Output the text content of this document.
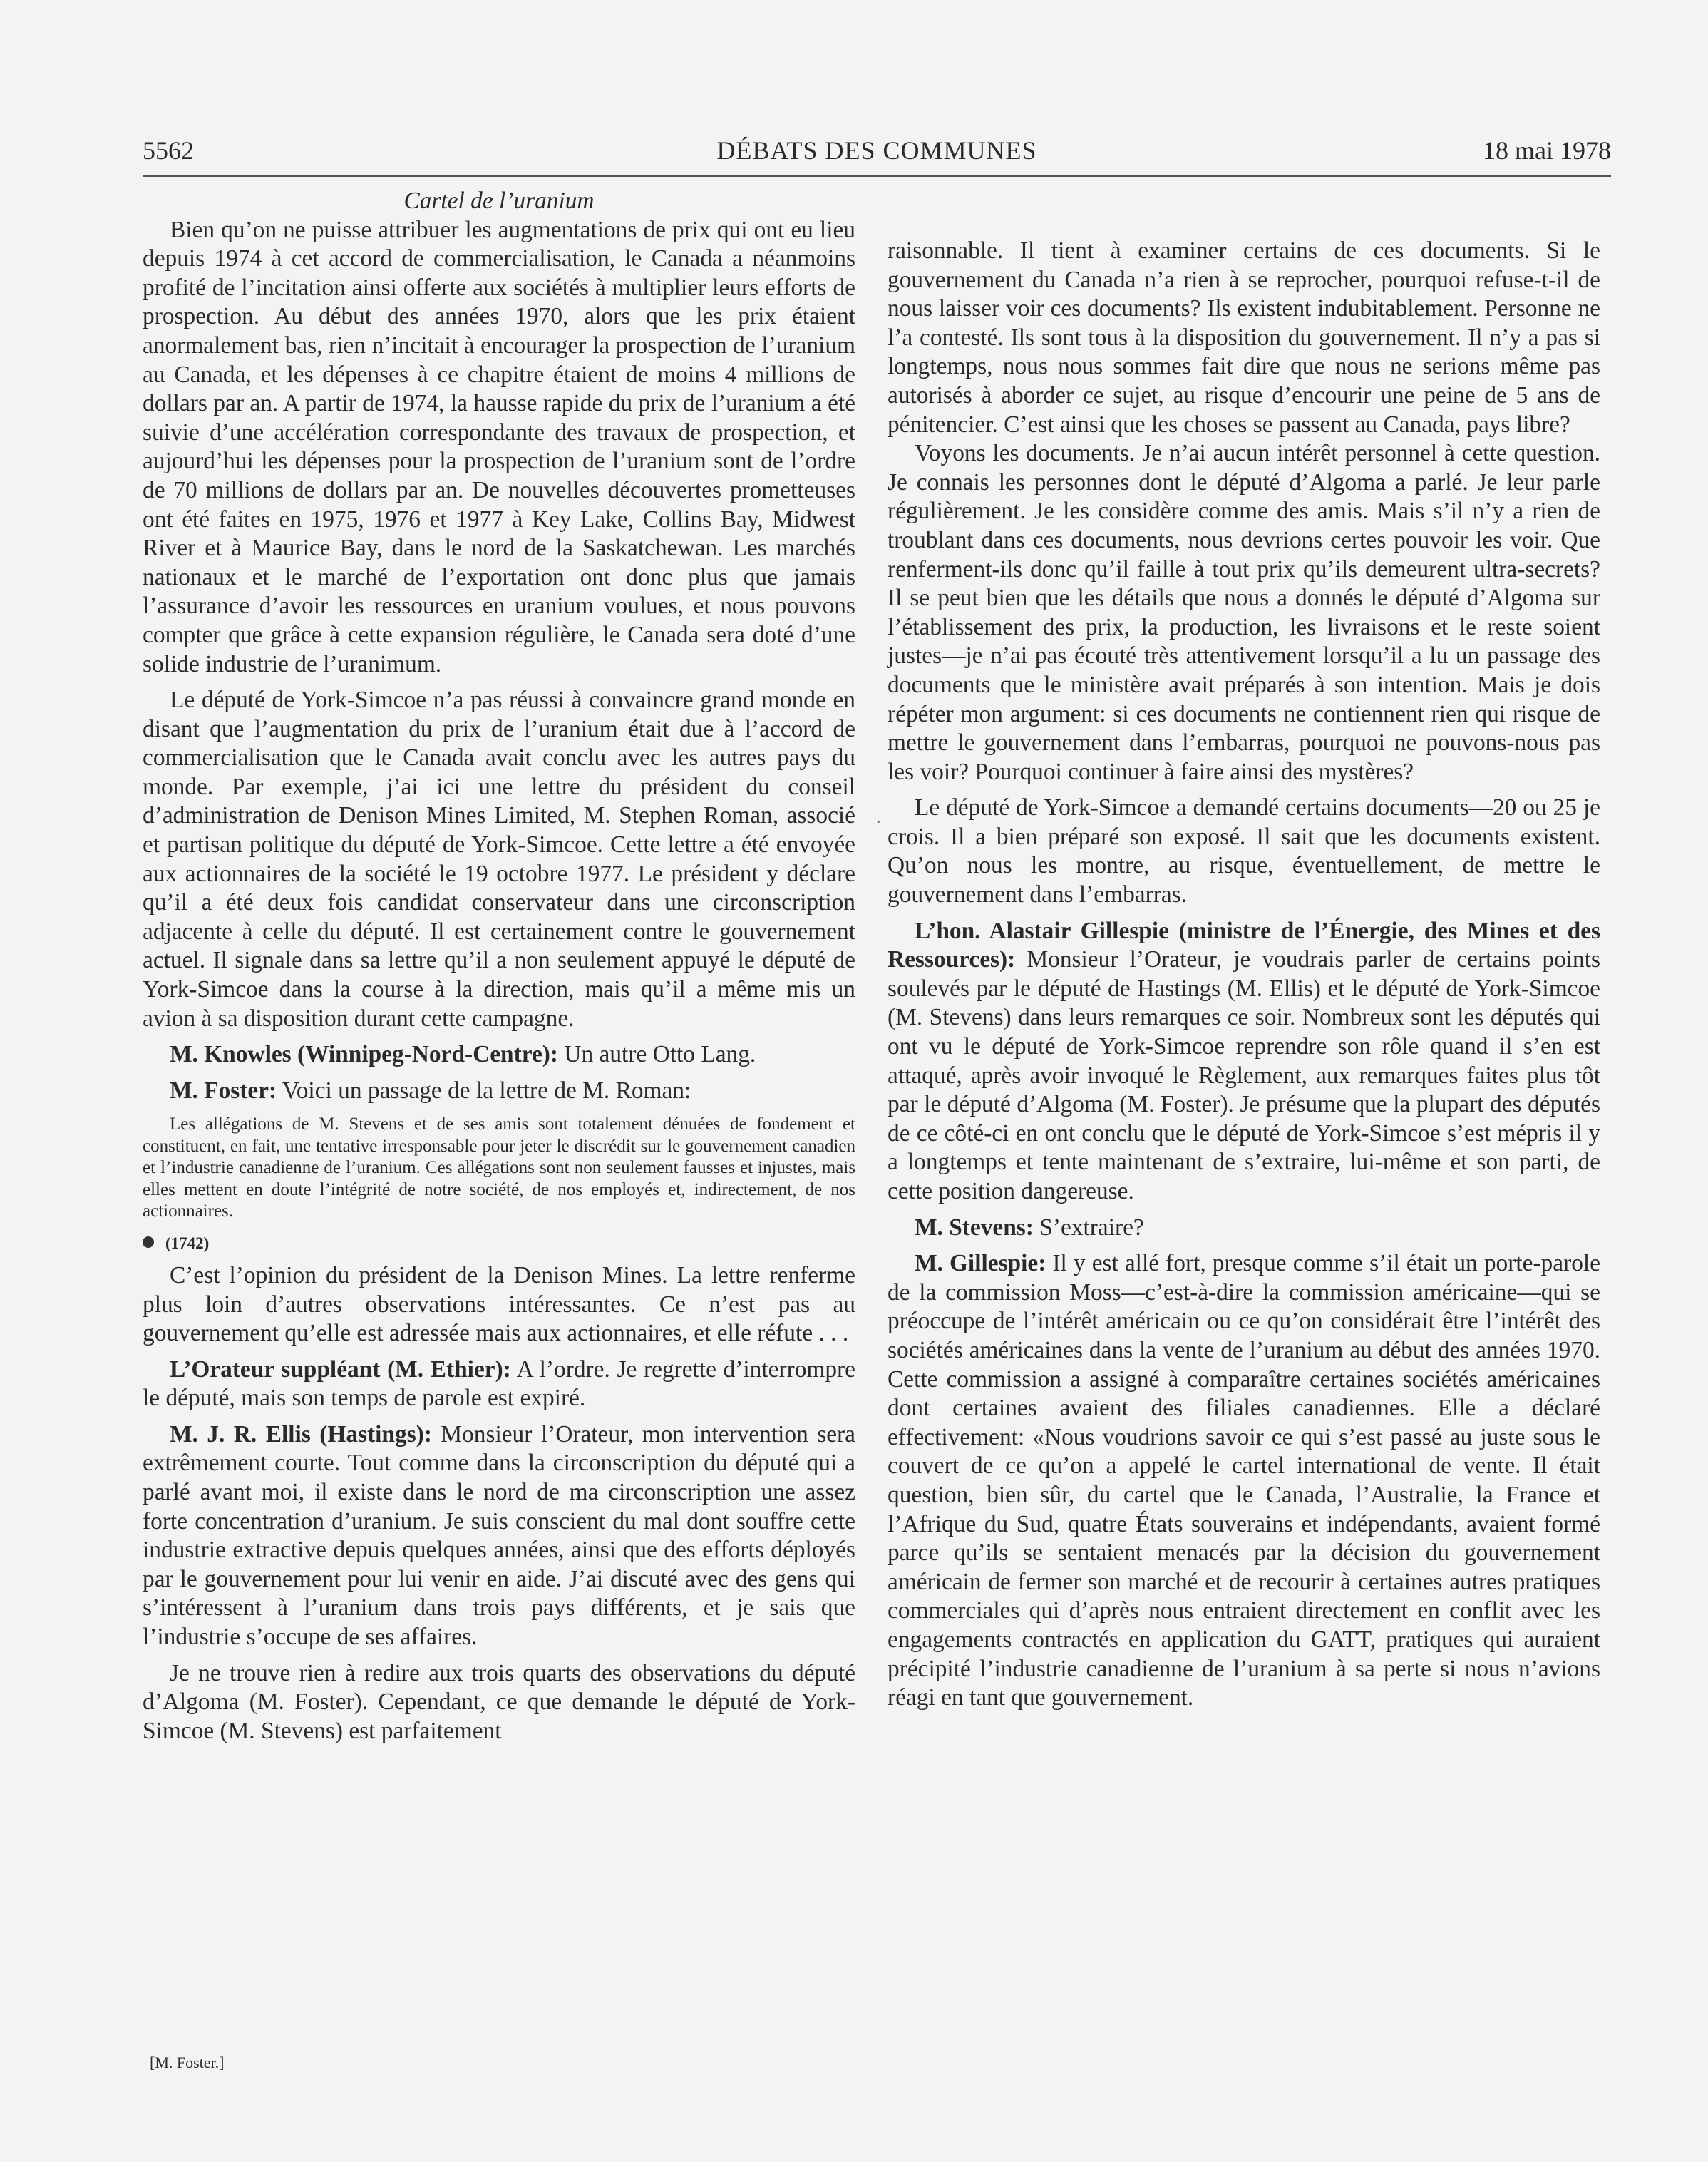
5562	DÉBATS DES COMMUNES	18 mai 1978

Cartel de l’uranium

Bien qu’on ne puisse attribuer les augmentations de prix qui ont eu lieu depuis 1974 à cet accord de commercialisation, le Canada a néanmoins profité de l’incitation ainsi offerte aux sociétés à multiplier leurs efforts de prospection. Au début des années 1970, alors que les prix étaient anormalement bas, rien n’incitait à encourager la prospection de l’uranium au Canada, et les dépenses à ce chapitre étaient de moins 4 millions de dollars par an. A partir de 1974, la hausse rapide du prix de l’uranium a été suivie d’une accélération correspondante des travaux de prospection, et aujourd’hui les dépenses pour la prospection de l’uranium sont de l’ordre de 70 millions de dollars par an. De nouvelles découvertes prometteuses ont été faites en 1975, 1976 et 1977 à Key Lake, Collins Bay, Midwest River et à Maurice Bay, dans le nord de la Saskatchewan. Les marchés nationaux et le marché de l’exportation ont donc plus que jamais l’assurance d’avoir les ressources en uranium voulues, et nous pouvons compter que grâce à cette expansion régulière, le Canada sera doté d’une solide industrie de l’uranimum.

Le député de York-Simcoe n’a pas réussi à convaincre grand monde en disant que l’augmentation du prix de l’uranium était due à l’accord de commercialisation que le Canada avait conclu avec les autres pays du monde. Par exemple, j’ai ici une lettre du président du conseil d’administration de Denison Mines Limited, M. Stephen Roman, associé et partisan politique du député de York-Simcoe. Cette lettre a été envoyée aux actionnaires de la société le 19 octobre 1977. Le président y déclare qu’il a été deux fois candidat conservateur dans une circonscription adjacente à celle du député. Il est certainement contre le gouvernement actuel. Il signale dans sa lettre qu’il a non seulement appuyé le député de York-Simcoe dans la course à la direction, mais qu’il a même mis un avion à sa disposition durant cette campagne.

M. Knowles (Winnipeg-Nord-Centre): Un autre Otto Lang.

M. Foster: Voici un passage de la lettre de M. Roman:

Les allégations de M. Stevens et de ses amis sont totalement dénuées de fondement et constituent, en fait, une tentative irresponsable pour jeter le discrédit sur le gouvernement canadien et l’industrie canadienne de l’uranium. Ces allégations sont non seulement fausses et injustes, mais elles mettent en doute l’intégrité de notre société, de nos employés et, indirectement, de nos actionnaires.

(1742)

C’est l’opinion du président de la Denison Mines. La lettre renferme plus loin d’autres observations intéressantes. Ce n’est pas au gouvernement qu’elle est adressée mais aux actionnaires, et elle réfute . . .

L’Orateur suppléant (M. Ethier): A l’ordre. Je regrette d’interrompre le député, mais son temps de parole est expiré.

M. J. R. Ellis (Hastings): Monsieur l’Orateur, mon intervention sera extrêmement courte. Tout comme dans la circonscription du député qui a parlé avant moi, il existe dans le nord de ma circonscription une assez forte concentration d’uranium. Je suis conscient du mal dont souffre cette industrie extractive depuis quelques années, ainsi que des efforts déployés par le gouvernement pour lui venir en aide. J’ai discuté avec des gens qui s’intéressent à l’uranium dans trois pays différents, et je sais que l’industrie s’occupe de ses affaires.

Je ne trouve rien à redire aux trois quarts des observations du député d’Algoma (M. Foster). Cependant, ce que demande le député de York-Simcoe (M. Stevens) est parfaitement

·

raisonnable. Il tient à examiner certains de ces documents. Si le gouvernement du Canada n’a rien à se reprocher, pourquoi refuse-t-il de nous laisser voir ces documents? Ils existent indubitablement. Personne ne l’a contesté. Ils sont tous à la disposition du gouvernement. Il n’y a pas si longtemps, nous nous sommes fait dire que nous ne serions même pas autorisés à aborder ce sujet, au risque d’encourir une peine de 5 ans de pénitencier. C’est ainsi que les choses se passent au Canada, pays libre?

Voyons les documents. Je n’ai aucun intérêt personnel à cette question. Je connais les personnes dont le député d’Algoma a parlé. Je leur parle régulièrement. Je les considère comme des amis. Mais s’il n’y a rien de troublant dans ces documents, nous devrions certes pouvoir les voir. Que renferment-ils donc qu’il faille à tout prix qu’ils demeurent ultra-secrets? Il se peut bien que les détails que nous a donnés le député d’Algoma sur l’établissement des prix, la production, les livraisons et le reste soient justes—je n’ai pas écouté très attentivement lorsqu’il a lu un passage des documents que le ministère avait préparés à son intention. Mais je dois répéter mon argument: si ces documents ne contiennent rien qui risque de mettre le gouvernement dans l’embarras, pourquoi ne pouvons-nous pas les voir? Pourquoi continuer à faire ainsi des mystères?

Le député de York-Simcoe a demandé certains documents—20 ou 25 je crois. Il a bien préparé son exposé. Il sait que les documents existent. Qu’on nous les montre, au risque, éventuellement, de mettre le gouvernement dans l’embarras.

L’hon. Alastair Gillespie (ministre de l’Énergie, des Mines et des Ressources): Monsieur l’Orateur, je voudrais parler de certains points soulevés par le député de Hastings (M. Ellis) et le député de York-Simcoe (M. Stevens) dans leurs remarques ce soir. Nombreux sont les députés qui ont vu le député de York-Simcoe reprendre son rôle quand il s’en est attaqué, après avoir invoqué le Règlement, aux remarques faites plus tôt par le député d’Algoma (M. Foster). Je présume que la plupart des députés de ce côté-ci en ont conclu que le député de York-Simcoe s’est mépris il y a longtemps et tente maintenant de s’extraire, lui-même et son parti, de cette position dangereuse.

M. Stevens: S’extraire?

M. Gillespie: Il y est allé fort, presque comme s’il était un porte-parole de la commission Moss—c’est-à-dire la commission américaine—qui se préoccupe de l’intérêt américain ou ce qu’on considérait être l’intérêt des sociétés américaines dans la vente de l’uranium au début des années 1970. Cette commission a assigné à comparaître certaines sociétés américaines dont certaines avaient des filiales canadiennes. Elle a déclaré effectivement: «Nous voudrions savoir ce qui s’est passé au juste sous le couvert de ce qu’on a appelé le cartel international de vente. Il était question, bien sûr, du cartel que le Canada, l’Australie, la France et l’Afrique du Sud, quatre États souverains et indépendants, avaient formé parce qu’ils se sentaient menacés par la décision du gouvernement américain de fermer son marché et de recourir à certaines autres pratiques commerciales qui d’après nous entraient directement en conflit avec les engagements contractés en application du GATT, pratiques qui auraient précipité l’industrie canadienne de l’uranium à sa perte si nous n’avions réagi en tant que gouvernement.

[M. Foster.]
